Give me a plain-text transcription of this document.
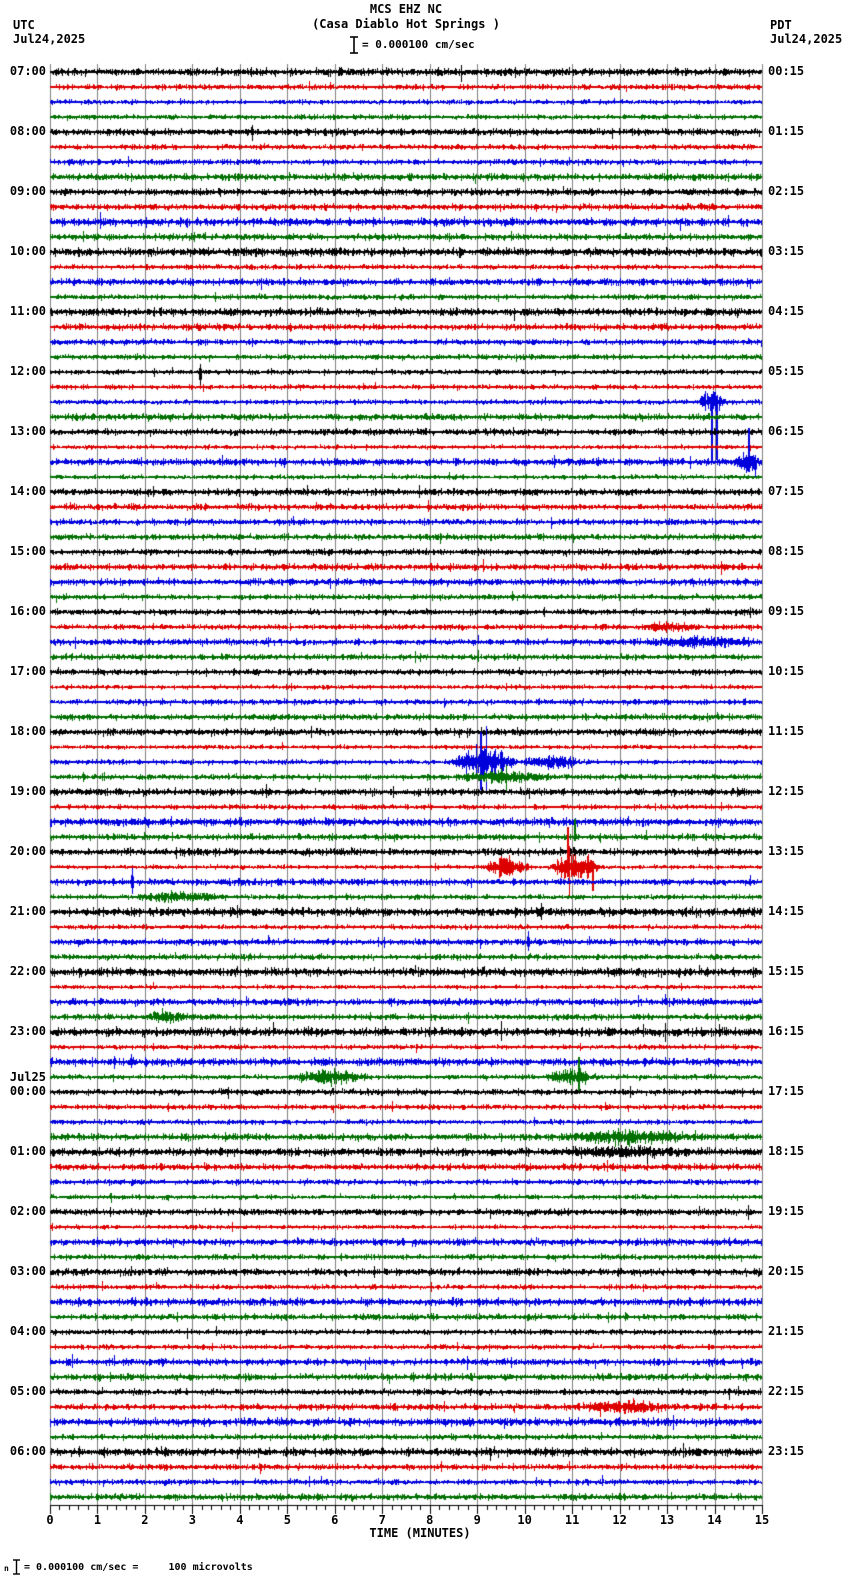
MCS EHZ NC
(Casa Diablo Hot Springs )
UTC
Jul24,2025
PDT
Jul24,2025
= 0.000100 cm/sec
07:00
08:00
09:00
10:00
11:00
12:00
13:00
14:00
15:00
16:00
17:00
18:00
19:00
20:00
21:00
22:00
23:00
00:00
Jul25
01:00
02:00
03:00
04:00
05:00
06:00
00:15
01:15
02:15
03:15
04:15
05:15
06:15
07:15
08:15
09:15
10:15
11:15
12:15
13:15
14:15
15:15
16:15
17:15
18:15
19:15
20:15
21:15
22:15
23:15
0	1	2	3	4	5	6	7	8	9	10	11	12	13	14	15
TIME (MINUTES)
n = 0.000100 cm/sec =     100 microvolts
